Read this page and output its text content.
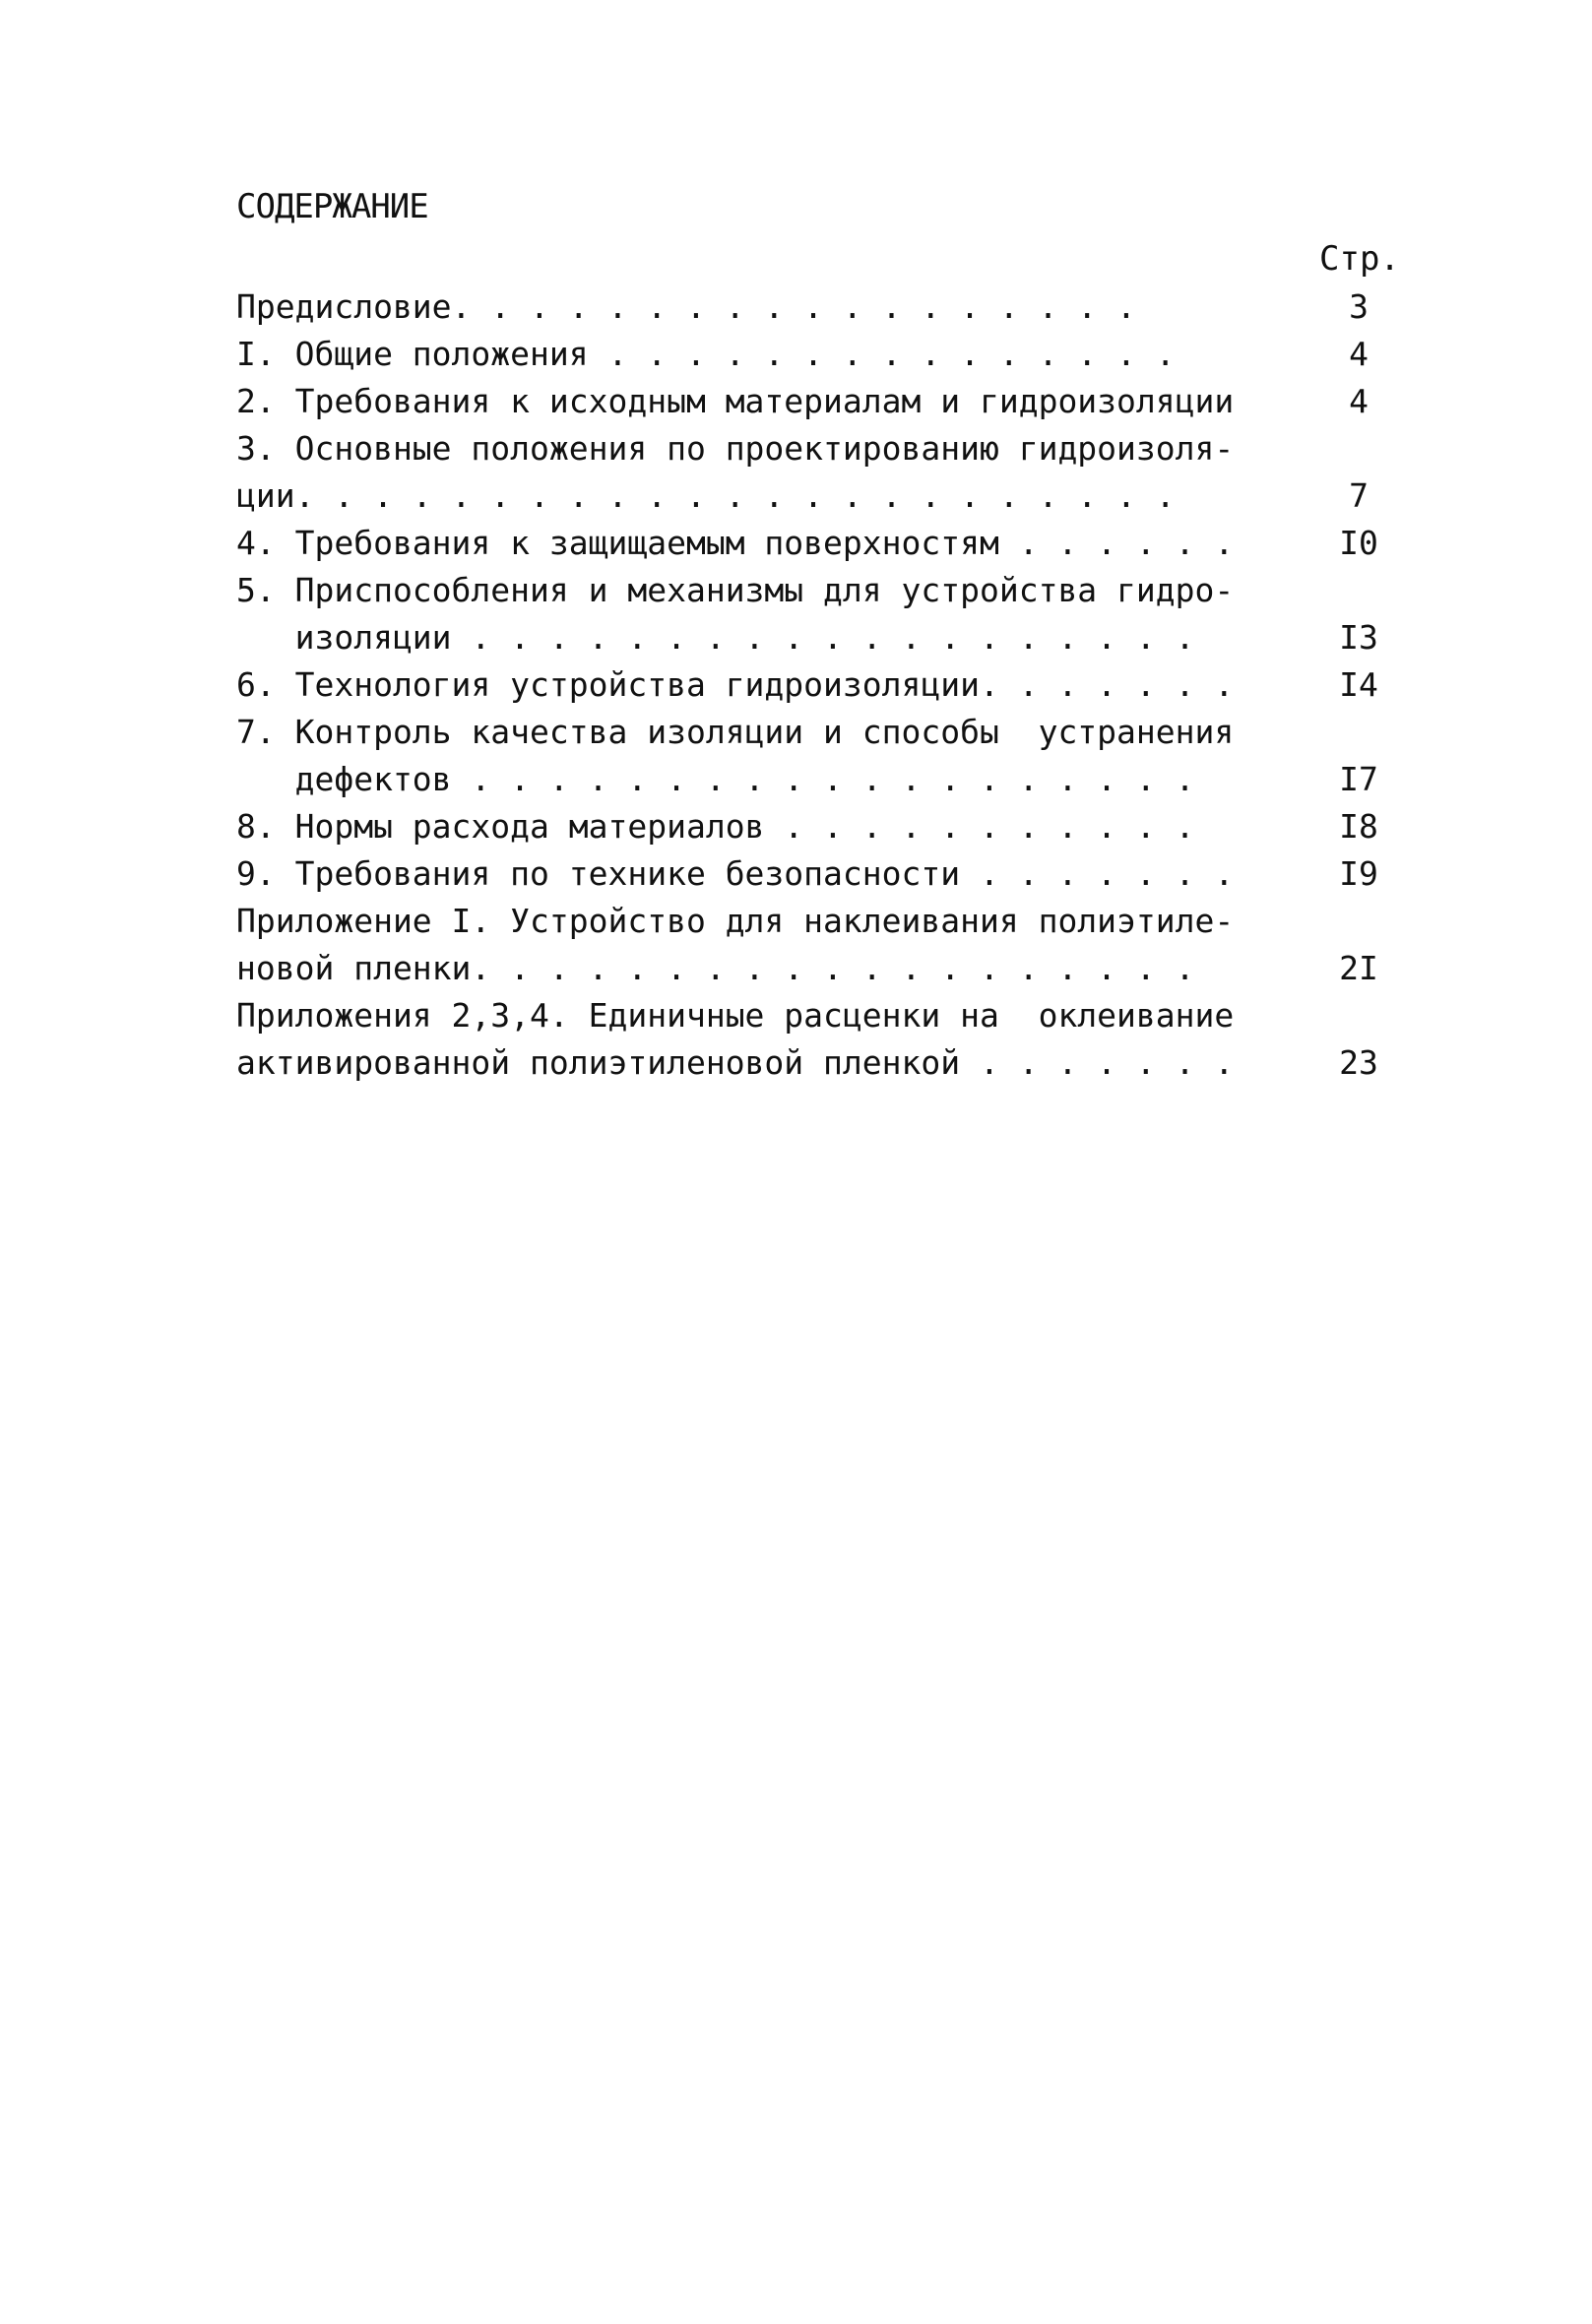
СОДЕРЖАНИЕ
Стр.
Предисловие. . . . . . . . . . . . . . . . . .	3
I. Общие положения . . . . . . . . . . . . . . .	4
2. Требования к исходным материалам и гидроизоляции	4
3. Основные положения по проектированию гидроизоля-
ции. . . . . . . . . . . . . . . . . . . . . . .	7
4. Требования к защищаемым поверхностям . . . . . .	I0
5. Приспособления и механизмы для устройства гидро-
изоляции . . . . . . . . . . . . . . . . . . .	I3
6. Технология устройства гидроизоляции. . . . . . .	I4
7. Контроль качества изоляции и способы  устранения
дефектов . . . . . . . . . . . . . . . . . . .	I7
8. Нормы расхода материалов . . . . . . . . . . .	I8
9. Требования по технике безопасности . . . . . . .	I9
Приложение I. Устройство для наклеивания полиэтиле-
новой пленки. . . . . . . . . . . . . . . . . . .	2I
Приложения 2,3,4. Единичные расценки на  оклеивание
активированной полиэтиленовой пленкой . . . . . . .	23
